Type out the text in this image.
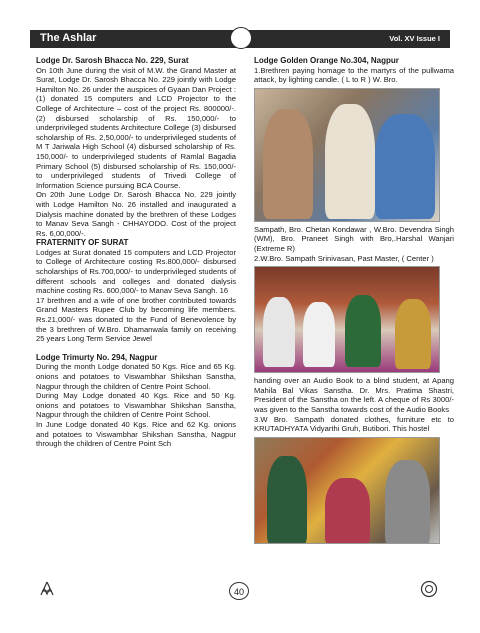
The Ashlar	Vol. XV Issue I

Lodge Dr. Sarosh Bhacca No. 229, Surat

On 10th June during the visit of M.W. the Grand Master at Surat, Lodge Dr. Sarosh Bhacca No. 229 jointly with Lodge Hamilton No. 26 under the auspices of Gyaan Dan Project : (1) donated 15 computers and LCD Projector to the College of Architecture – cost of the project Rs. 800000/-. (2) disbursed scholarship of Rs. 150,000/- to underprivileged students Architecture College (3) disbursed scholarship of Rs. 2,50,000/- to underprivileged students of M T Jariwala High School (4) disbursed scholarship of Rs. 150,000/- to underprivileged students of Ramlal Bagadia Primary School (5) disbursed scholarship of Rs. 150,000/- to underprivileged students of Trivedi College of Information Science pursuing BCA Course.

On 20th June Lodge Dr. Sarosh Bhacca No. 229 jointly with Lodge Hamilton No. 26 installed and inaugurated a Dialysis machine donated by the brethren of these Lodges to Manav Seva Sangh - CHHAYODO. Cost of the project Rs. 6,00,000/-.

FRATERNITY OF SURAT

Lodges at Surat donated 15 computers and LCD Projector to College of Architecture costing Rs.800,000/- disbursed scholarships of Rs.700,000/- to underprivileged students of different schools and colleges and donated dialysis machine costing Rs. 600,000/- to Manav Seva Sangh. 16

17 brethren and a wife of one brother contributed towards Grand Masters Rupee Club by becoming life members. Rs.21,000/- was donated to the Fund of Benevolence by the 3 brethren of W.Bro. Dhamanwala family on receiving 25 years Long Term Service Jewel

Lodge Trimurty No. 294, Nagpur

During the month Lodge donated 50 Kgs. Rice and 65 Kg. onions and potatoes to Viswambhar Shikshan Sanstha, Nagpur through the children of Centre Point School.

During May Lodge donated 40 Kgs. Rice and 50 Kg. onions and potatoes to Viswambhar Shikshan Sanstha, Nagpur through the children of Centre Point School.

In June Lodge donated 40 Kgs. Rice and 62 Kg. onions and potatoes to Viswambhar Shikshan Sanstha, Nagpur through the children of Centre Point Sch

Lodge Golden Orange No.304, Nagpur

1.Brethren paying homage to the martyrs of the pullwama attack, by lighting candle. ( L to R ) W. Bro.

Sampath, Bro. Chetan Kondawar , W.Bro. Devendra Singh (WM), Bro. Praneet Singh with Bro,.Harshal Wanjari (Extreme R)

2.W.Bro. Sampath Srinivasan, Past Master, ( Center )

handing over an Audio Book to a blind student, at Apang Mahila Bal Vikas Sanstha. Dr. Mrs. Pratima Shastri, President of the Sanstha on the left. A cheque of Rs 3000/- was given to the Sanstha towards cost of the Audio Books

3.W Bro. Sampath donated clothes, furniture etc to KRUTADHYATA Vidyarthi Gruh, Butibori. This hostel

40
